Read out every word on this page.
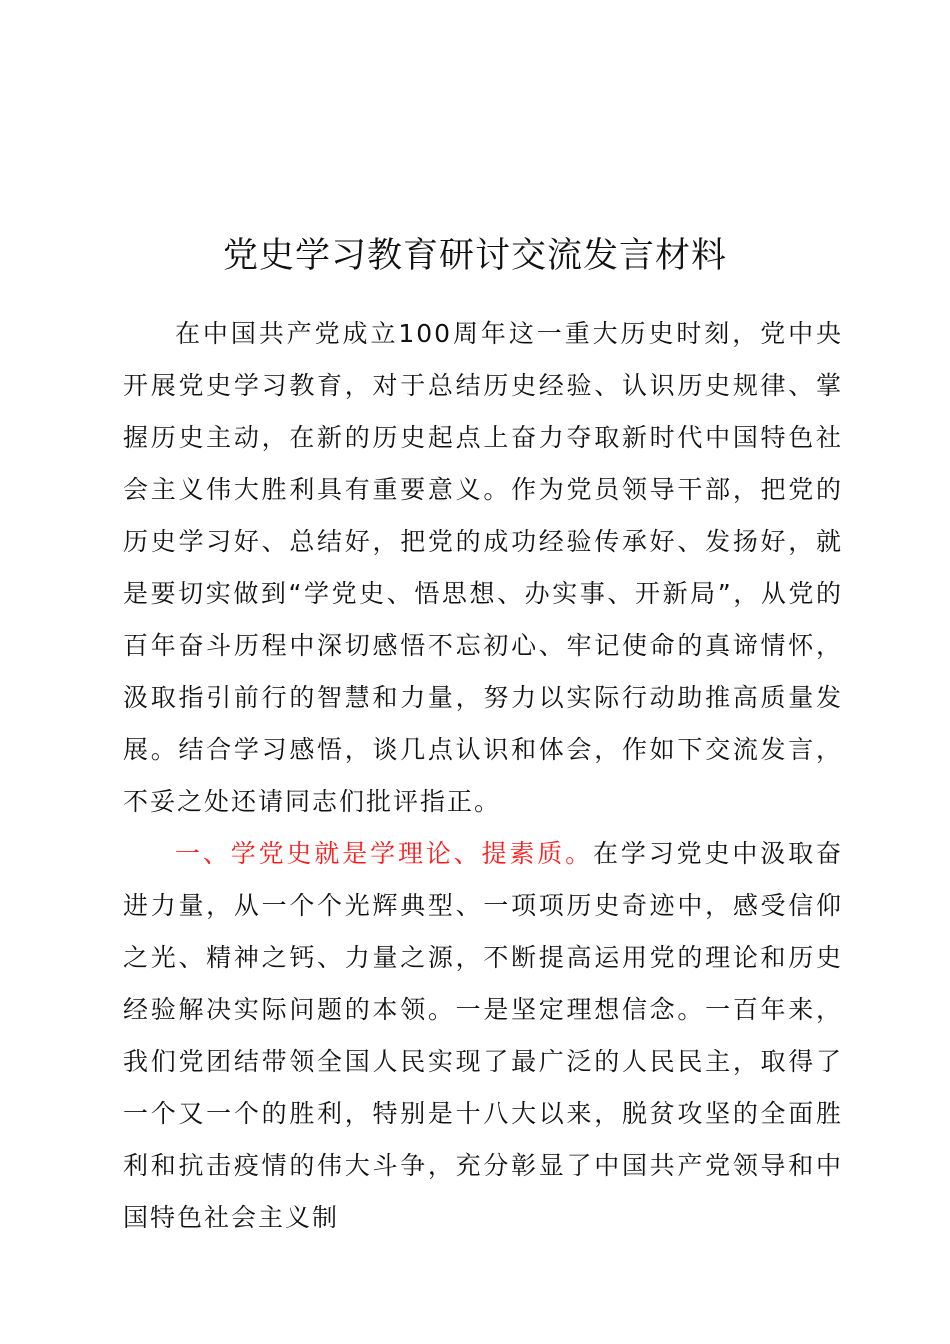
党史学习教育研讨交流发言材料

在中国共产党成立100周年这一重大历史时刻，党中央开展党史学习教育，对于总结历史经验、认识历史规律、掌握历史主动，在新的历史起点上奋力夺取新时代中国特色社会主义伟大胜利具有重要意义。作为党员领导干部，把党的历史学习好、总结好，把党的成功经验传承好、发扬好，就是要切实做到“学党史、悟思想、办实事、开新局”，从党的百年奋斗历程中深切感悟不忘初心、牢记使命的真谛情怀，汲取指引前行的智慧和力量，努力以实际行动助推高质量发展。结合学习感悟，谈几点认识和体会，作如下交流发言，不妥之处还请同志们批评指正。

一、学党史就是学理论、提素质。在学习党史中汲取奋进力量，从一个个光辉典型、一项项历史奇迹中，感受信仰之光、精神之钙、力量之源，不断提高运用党的理论和历史经验解决实际问题的本领。一是坚定理想信念。一百年来，我们党团结带领全国人民实现了最广泛的人民民主，取得了一个又一个的胜利，特别是十八大以来，脱贫攻坚的全面胜利和抗击疫情的伟大斗争，充分彰显了中国共产党领导和中国特色社会主义制
